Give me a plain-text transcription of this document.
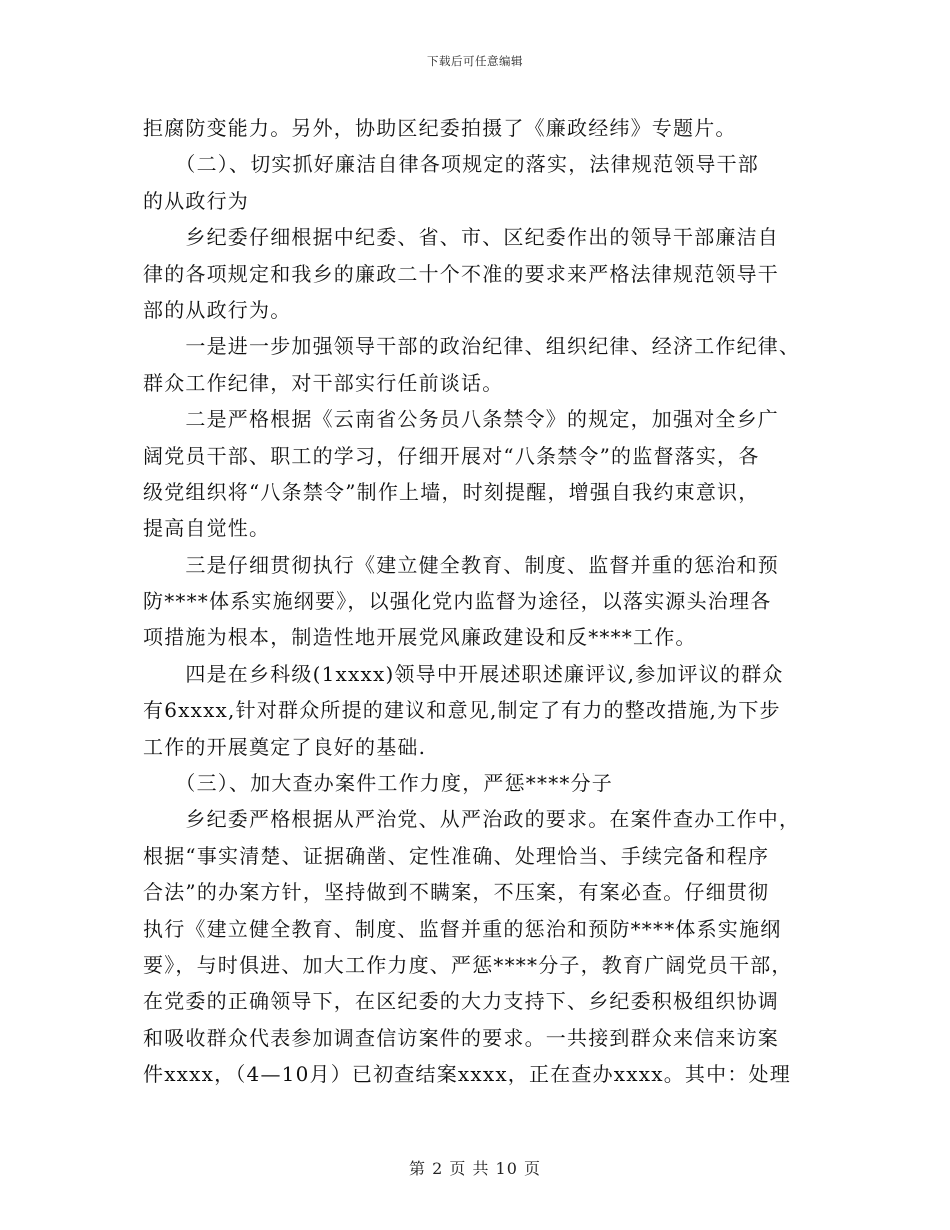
下载后可任意编辑
拒腐防变能力。另外，协助区纪委拍摄了《廉政经纬》专题片。
　　（二）、切实抓好廉洁自律各项规定的落实，法律规范领导干部
的从政行为
　　乡纪委仔细根据中纪委、省、市、区纪委作出的领导干部廉洁自
律的各项规定和我乡的廉政二十个不准的要求来严格法律规范领导干
部的从政行为。
　　一是进一步加强领导干部的政治纪律、组织纪律、经济工作纪律、
群众工作纪律，对干部实行任前谈话。
　　二是严格根据《云南省公务员八条禁令》的规定，加强对全乡广
阔党员干部、职工的学习，仔细开展对“八条禁令”的监督落实，各
级党组织将“八条禁令”制作上墙，时刻提醒，增强自我约束意识，
提高自觉性。
　　三是仔细贯彻执行《建立健全教育、制度、监督并重的惩治和预
防****体系实施纲要》，以强化党内监督为途径，以落实源头治理各
项措施为根本，制造性地开展党风廉政建设和反****工作。
　　四是在乡科级(1xxxx)领导中开展述职述廉评议,参加评议的群众
有6xxxx,针对群众所提的建议和意见,制定了有力的整改措施,为下步
工作的开展奠定了良好的基础.
　　（三）、加大查办案件工作力度，严惩****分子
　　乡纪委严格根据从严治党、从严治政的要求。在案件查办工作中，
根据“事实清楚、证据确凿、定性准确、处理恰当、手续完备和程序
合法”的办案方针，坚持做到不瞒案，不压案，有案必查。仔细贯彻
执行《建立健全教育、制度、监督并重的惩治和预防****体系实施纲
要》，与时俱进、加大工作力度、严惩****分子，教育广阔党员干部，
在党委的正确领导下，在区纪委的大力支持下、乡纪委积极组织协调
和吸收群众代表参加调查信访案件的要求。一共接到群众来信来访案
件xxxx，（4—10月）已初查结案xxxx，正在查办xxxx。其中：处理
第 2 页 共 10 页
